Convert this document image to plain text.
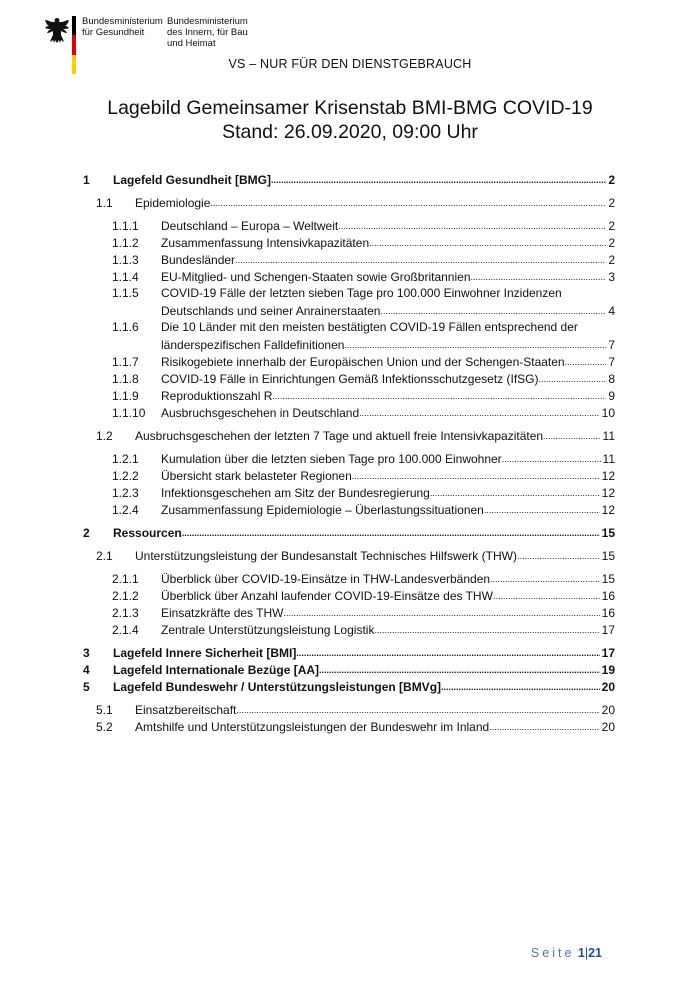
Bundesministerium
für Gesundheit
Bundesministerium
des Innern, für Bau
und Heimat
VS – NUR FÜR DEN DIENSTGEBRAUCH
Lagebild Gemeinsamer Krisenstab BMI-BMG COVID-19
Stand: 26.09.2020, 09:00 Uhr
1	Lagefeld Gesundheit [BMG] .....	2
1.1	Epidemiologie .....	2
1.1.1	Deutschland – Europa – Weltweit .....	2
1.1.2	Zusammenfassung Intensivkapazitäten .....	2
1.1.3	Bundesländer .....	2
1.1.4	EU-Mitglied- und Schengen-Staaten sowie Großbritannien .....	3
1.1.5	COVID-19 Fälle der letzten sieben Tage pro 100.000 Einwohner Inzidenzen
Deutschlands und seiner Anrainerstaaten .....	4
1.1.6	Die 10 Länder mit den meisten bestätigten COVID-19 Fällen entsprechend der
länderspezifischen Falldefinitionen .....	7
1.1.7	Risikogebiete innerhalb der Europäischen Union und der Schengen-Staaten .....	7
1.1.8	COVID-19 Fälle in Einrichtungen Gemäß Infektionsschutzgesetz (IfSG) .....	8
1.1.9	Reproduktionszahl R .....	9
1.1.10	Ausbruchsgeschehen in Deutschland .....	10
1.2	Ausbruchsgeschehen der letzten 7 Tage und aktuell freie Intensivkapazitäten .....	11
1.2.1	Kumulation über die letzten sieben Tage pro 100.000 Einwohner .....	11
1.2.2	Übersicht stark belasteter Regionen .....	12
1.2.3	Infektionsgeschehen am Sitz der Bundesregierung .....	12
1.2.4	Zusammenfassung Epidemiologie – Überlastungssituationen .....	12
2	Ressourcen .....	15
2.1	Unterstützungsleistung der Bundesanstalt Technisches Hilfswerk (THW) .....	15
2.1.1	Überblick über COVID-19-Einsätze in THW-Landesverbänden .....	15
2.1.2	Überblick über Anzahl laufender COVID-19-Einsätze des THW .....	16
2.1.3	Einsatzkräfte des THW .....	16
2.1.4	Zentrale Unterstützungsleistung Logistik .....	17
3	Lagefeld Innere Sicherheit [BMI] .....	17
4	Lagefeld Internationale Bezüge [AA] .....	19
5	Lagefeld Bundeswehr / Unterstützungsleistungen [BMVg] .....	20
5.1	Einsatzbereitschaft .....	20
5.2	Amtshilfe und Unterstützungsleistungen der Bundeswehr im Inland .....	20
Seite 1|21
